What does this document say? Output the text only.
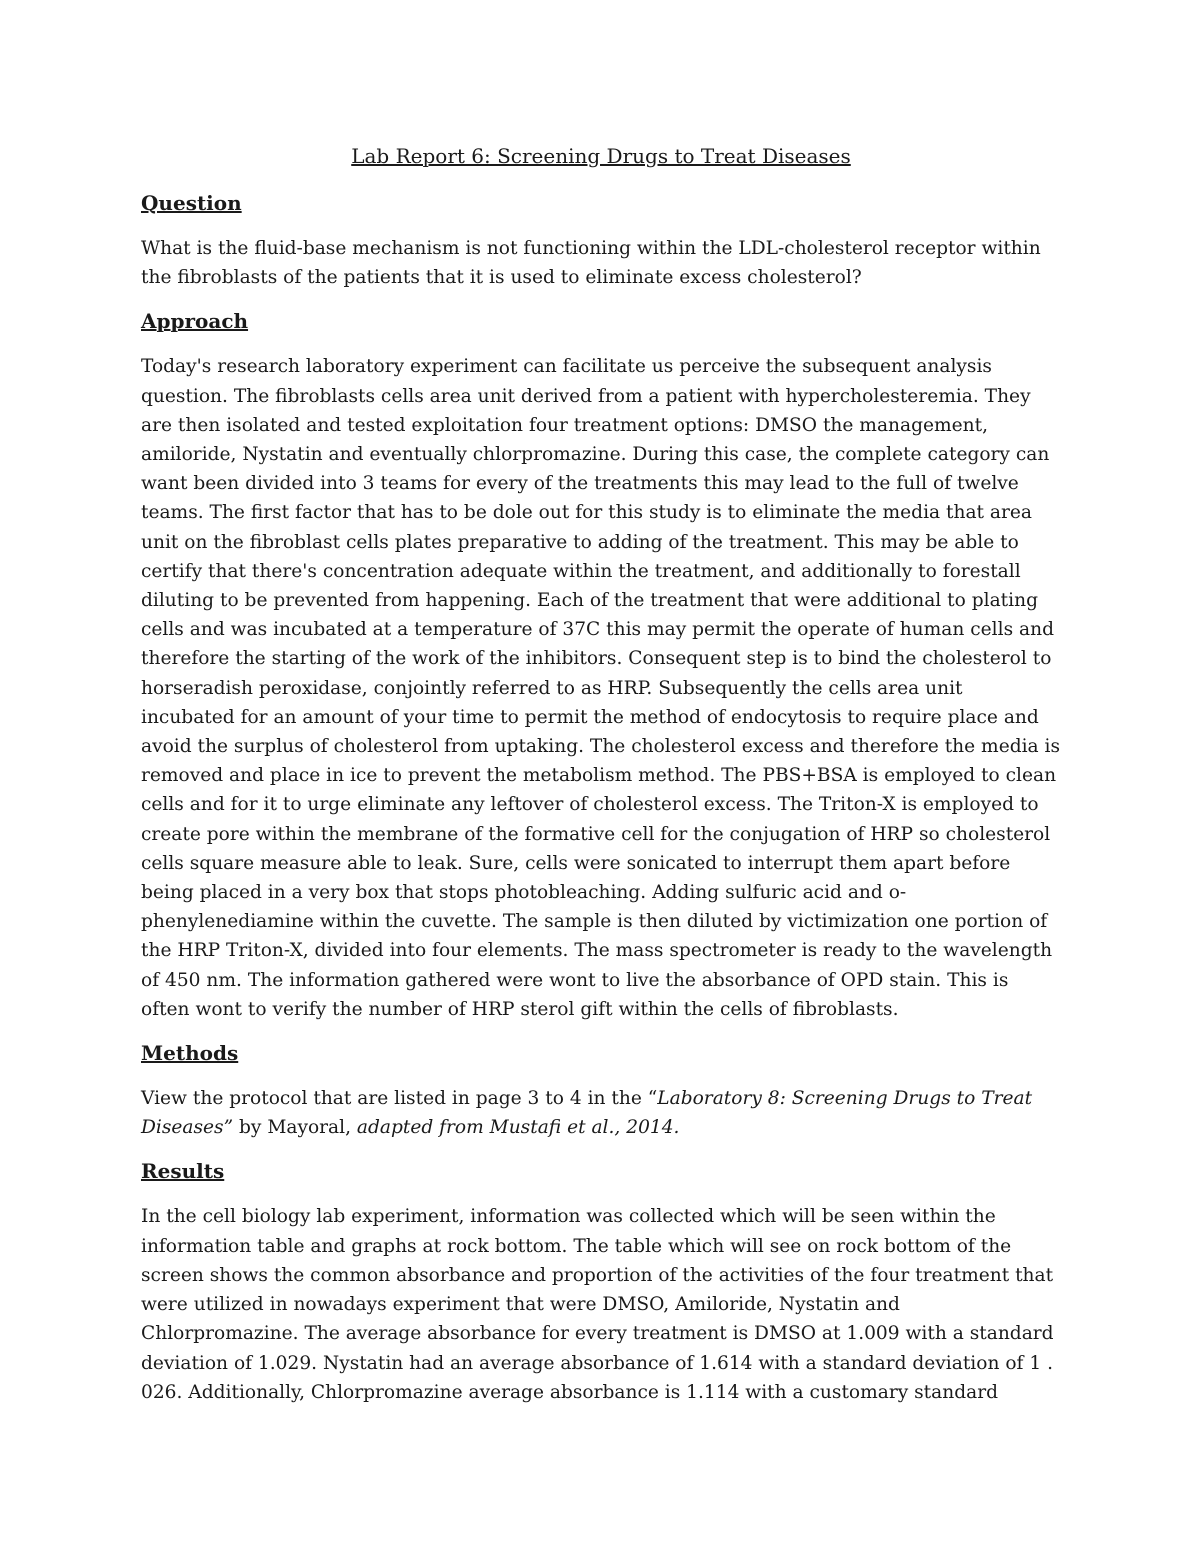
Lab Report 6: Screening Drugs to Treat Diseases
Question

What is the fluid-base mechanism is not functioning within the LDL-cholesterol receptor within the fibroblasts of the patients that it is used to eliminate excess cholesterol?

Approach

Today's research laboratory experiment can facilitate us perceive the subsequent analysis question. The fibroblasts cells area unit derived from a patient with hypercholesteremia. They are then isolated and tested exploitation four treatment options: DMSO the management, amiloride, Nystatin and eventually chlorpromazine. During this case, the complete category can want been divided into 3 teams for every of the treatments this may lead to the full of twelve teams. The first factor that has to be dole out for this study is to eliminate the media that area unit on the fibroblast cells plates preparative to adding of the treatment. This may be able to certify that there's concentration adequate within the treatment, and additionally to forestall diluting to be prevented from happening. Each of the treatment that were additional to plating cells and was incubated at a temperature of 37C this may permit the operate of human cells and therefore the starting of the work of the inhibitors. Consequent step is to bind the cholesterol to horseradish peroxidase, conjointly referred to as HRP. Subsequently the cells area unit incubated for an amount of your time to permit the method of endocytosis to require place and avoid the surplus of cholesterol from uptaking. The cholesterol excess and therefore the media is removed and place in ice to prevent the metabolism method. The PBS+BSA is employed to clean cells and for it to urge eliminate any leftover of cholesterol excess. The Triton-X is employed to create pore within the membrane of the formative cell for the conjugation of HRP so cholesterol cells square measure able to leak. Sure, cells were sonicated to interrupt them apart before being placed in a very box that stops photobleaching. Adding sulfuric acid and o-phenylenediamine within the cuvette. The sample is then diluted by victimization one portion of the HRP Triton-X, divided into four elements. The mass spectrometer is ready to the wavelength of 450 nm. The information gathered were wont to live the absorbance of OPD stain. This is often wont to verify the number of HRP sterol gift within the cells of fibroblasts.

Methods

View the protocol that are listed in page 3 to 4 in the “Laboratory 8: Screening Drugs to Treat Diseases” by Mayoral, adapted from Mustafi et al., 2014.

Results

In the cell biology lab experiment, information was collected which will be seen within the information table and graphs at rock bottom. The table which will see on rock bottom of the screen shows the common absorbance and proportion of the activities of the four treatment that were utilized in nowadays experiment that were DMSO, Amiloride, Nystatin and Chlorpromazine. The average absorbance for every treatment is DMSO at 1.009 with a standard deviation of 1.029. Nystatin had an average absorbance of 1.614 with a standard deviation of 1 . 026. Additionally, Chlorpromazine average absorbance is 1.114 with a customary standard
